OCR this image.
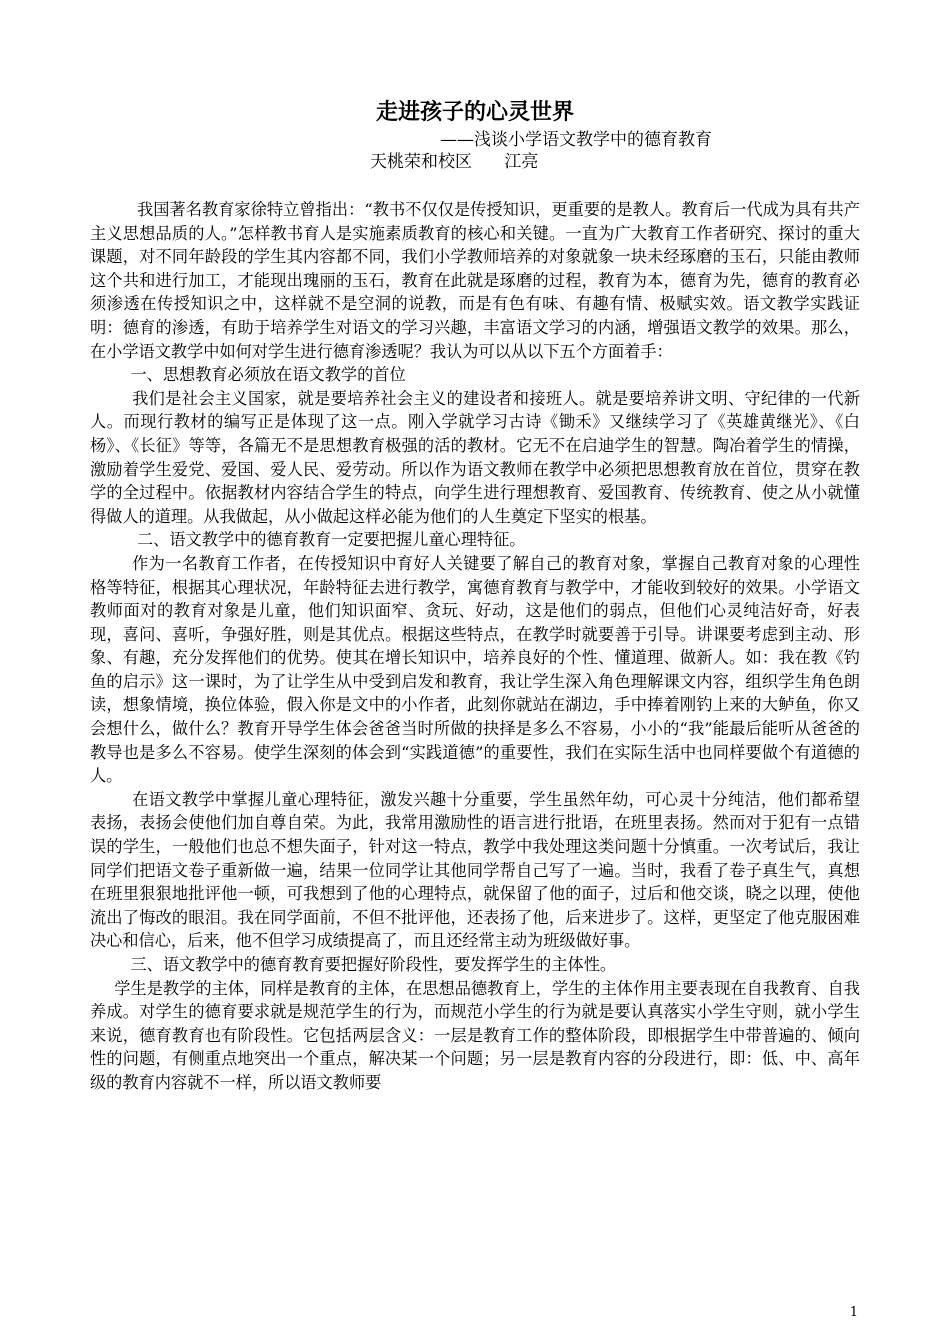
走进孩子的心灵世界

——浅谈小学语文教学中的德育教育

天桃荣和校区      江亮

我国著名教育家徐特立曾指出：“教书不仅仅是传授知识，更重要的是教人。教育后一代成为具有共产主义思想品质的人。”怎样教书育人是实施素质教育的核心和关键。一直为广大教育工作者研究、探讨的重大课题，对不同年龄段的学生其内容都不同，我们小学教师培养的对象就象一块未经琢磨的玉石，只能由教师这个共和进行加工，才能现出瑰丽的玉石，教育在此就是琢磨的过程，教育为本，德育为先，德育的教育必须渗透在传授知识之中，这样就不是空洞的说教，而是有色有味、有趣有情、极赋实效。语文教学实践证明：德育的渗透，有助于培养学生对语文的学习兴趣，丰富语文学习的内涵，增强语文教学的效果。那么，在小学语文教学中如何对学生进行德育渗透呢？我认为可以从以下五个方面着手：

一、思想教育必须放在语文教学的首位

我们是社会主义国家，就是要培养社会主义的建设者和接班人。就是要培养讲文明、守纪律的一代新人。而现行教材的编写正是体现了这一点。刚入学就学习古诗《锄禾》又继续学习了《英雄黄继光》、《白杨》、《长征》等等，各篇无不是思想教育极强的活的教材。它无不在启迪学生的智慧。陶冶着学生的情操，激励着学生爱党、爱国、爱人民、爱劳动。所以作为语文教师在教学中必须把思想教育放在首位，贯穿在教学的全过程中。依据教材内容结合学生的特点，向学生进行理想教育、爱国教育、传统教育、使之从小就懂得做人的道理。从我做起，从小做起这样必能为他们的人生奠定下坚实的根基。

二、语文教学中的德育教育一定要把握儿童心理特征。

作为一名教育工作者，在传授知识中育好人关键要了解自己的教育对象，掌握自己教育对象的心理性格等特征，根据其心理状况，年龄特征去进行教学，寓德育教育与教学中，才能收到较好的效果。小学语文教师面对的教育对象是儿童，他们知识面窄、贪玩、好动，这是他们的弱点，但他们心灵纯洁好奇，好表现，喜问、喜听，争强好胜，则是其优点。根据这些特点，在教学时就要善于引导。讲课要考虑到主动、形象、有趣，充分发挥他们的优势。使其在增长知识中，培养良好的个性、懂道理、做新人。如：我在教《钓鱼的启示》这一课时，为了让学生从中受到启发和教育，我让学生深入角色理解课文内容，组织学生角色朗读，想象情境，换位体验，假入你是文中的小作者，此刻你就站在湖边，手中捧着刚钓上来的大鲈鱼，你又会想什么，做什么？教育开导学生体会爸爸当时所做的抉择是多么不容易，小小的“我”能最后能听从爸爸的教导也是多么不容易。使学生深刻的体会到“实践道德”的重要性，我们在实际生活中也同样要做个有道德的人。

在语文教学中掌握儿童心理特征，激发兴趣十分重要，学生虽然年幼，可心灵十分纯洁，他们都希望表扬，表扬会使他们加自尊自荣。为此，我常用激励性的语言进行批语，在班里表扬。然而对于犯有一点错误的学生，一般他们也总不想失面子，针对这一特点，教学中我处理这类问题十分慎重。一次考试后，我让同学们把语文卷子重新做一遍，结果一位同学让其他同学帮自己写了一遍。当时，我看了卷子真生气，真想在班里狠狠地批评他一顿，可我想到了他的心理特点，就保留了他的面子，过后和他交谈，晓之以理，使他流出了悔改的眼泪。我在同学面前，不但不批评他，还表扬了他，后来进步了。这样，更坚定了他克服困难决心和信心，后来，他不但学习成绩提高了，而且还经常主动为班级做好事。

三、语文教学中的德育教育要把握好阶段性，要发挥学生的主体性。

学生是教学的主体，同样是教育的主体，在思想品德教育上，学生的主体作用主要表现在自我教育、自我养成。对学生的德育要求就是规范学生的行为，而规范小学生的行为就是要认真落实小学生守则，就小学生来说，德育教育也有阶段性。它包括两层含义：一层是教育工作的整体阶段，即根据学生中带普遍的、倾向性的问题，有侧重点地突出一个重点，解决某一个问题；另一层是教育内容的分段进行，即：低、中、高年级的教育内容就不一样，所以语文教师要

1
